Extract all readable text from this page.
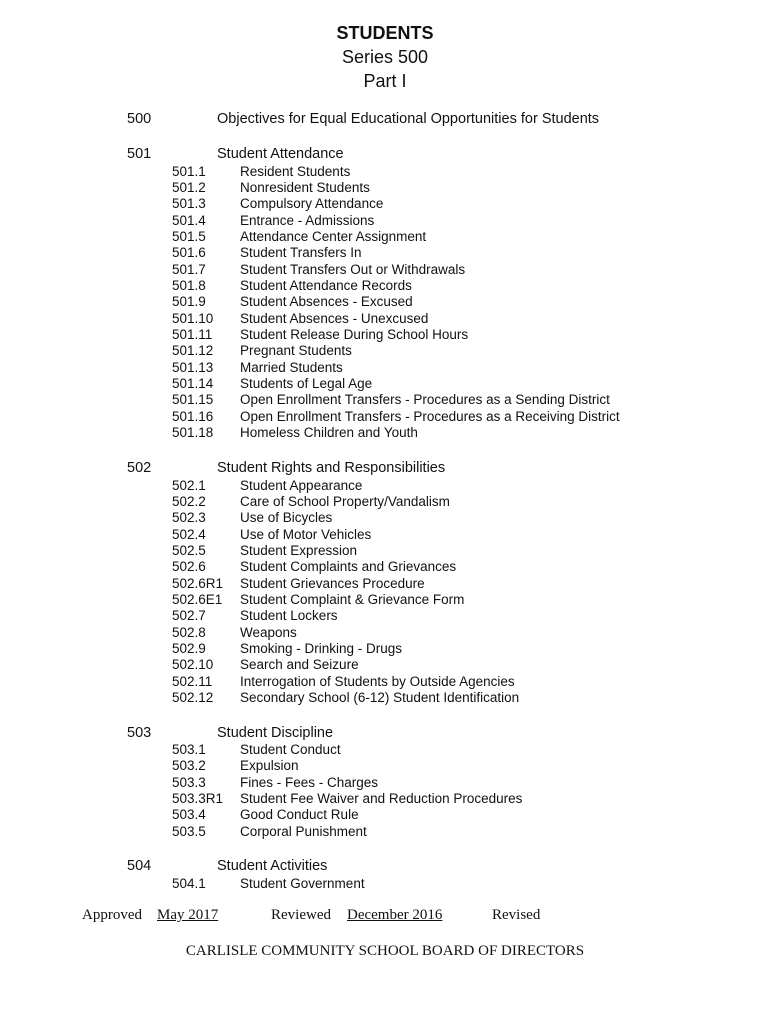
STUDENTS
Series 500
Part I
500	Objectives for Equal Educational Opportunities for Students
501	Student Attendance
501.1	Resident Students
501.2	Nonresident Students
501.3	Compulsory Attendance
501.4	Entrance - Admissions
501.5	Attendance Center Assignment
501.6	Student Transfers In
501.7	Student Transfers Out or Withdrawals
501.8	Student Attendance Records
501.9	Student Absences - Excused
501.10 Student Absences - Unexcused
501.11 Student Release During School Hours
501.12 Pregnant Students
501.13 Married Students
501.14 Students of Legal Age
501.15 Open Enrollment Transfers - Procedures as a Sending District
501.16 Open Enrollment Transfers - Procedures as a Receiving District
501.18 Homeless Children and Youth
502	Student Rights and Responsibilities
502.1	Student Appearance
502.2	Care of School Property/Vandalism
502.3	Use of Bicycles
502.4	Use of Motor Vehicles
502.5	Student Expression
502.6	Student Complaints and Grievances
502.6R1 Student Grievances Procedure
502.6E1 Student Complaint & Grievance Form
502.7	Student Lockers
502.8	Weapons
502.9	Smoking - Drinking - Drugs
502.10 Search and Seizure
502.11 Interrogation of Students by Outside Agencies
502.12 Secondary School (6-12) Student Identification
503	Student Discipline
503.1	Student Conduct
503.2	Expulsion
503.3	Fines - Fees - Charges
503.3R1 Student Fee Waiver and Reduction Procedures
503.4	Good Conduct Rule
503.5	Corporal Punishment
504	Student Activities
504.1	Student Government
Approved May 2017	Reviewed December 2016	Revised
CARLISLE COMMUNITY SCHOOL BOARD OF DIRECTORS
